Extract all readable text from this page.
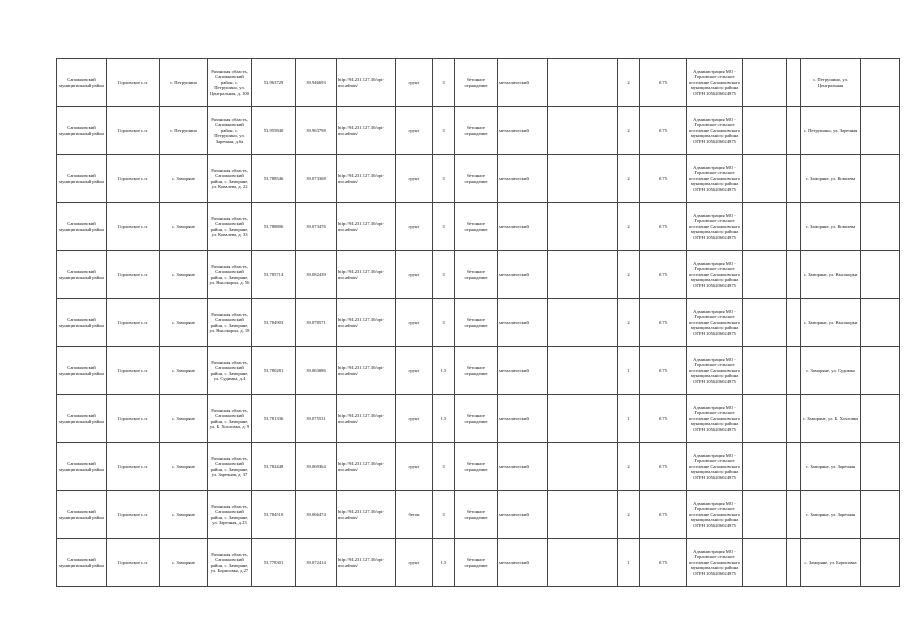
Сапожковский муниципальный район	Горловское с.п.	с. Петрушино	Рязанская область, Сапожковский район, с. Петрушино, ул. Центральная, д. 100	53.963729	39.946693	http://94.231.127.30/opt-mo.admin/	грунт	3	бетонное ограждение	металлический		2	0.75	Администрация МО - Горловское сельское поселение Сапожковского муниципального района ОГРН 1056206024875			с. Петрушино, ул. Центральная	
Сапожковский муниципальный район	Горловское с.п.	с. Петрушино	Рязанская область, Сапожковский район, с. Петрушино, ул. Заречная, д.6а	53.955840	39.963798	http://94.231.127.30/opt-mo.admin/	грунт	3	бетонное ограждение	металлический		2	0.75	Администрация МО - Горловское сельское поселение Сапожковского муниципального района ОГРН 1056206024875			с. Петрушино, ул. Заречная	
Сапожковский муниципальный район	Горловское с.п.	с. Заморяне	Рязанская область, Сапожковский район, с. Заморяне, ул. Ковалева, д. 22	53.788546	39.073368	http://94.231.127.30/opt-mo.admin/	грунт	3	бетонное ограждение	металлический		2	0.75	Администрация МО - Горловское сельское поселение Сапожковского муниципального района ОГРН 1056206024875			с. Заморяне, ул. Ковалева	
Сапожковский муниципальный район	Горловское с.п.	с. Заморяне	Рязанская область, Сапожковский район, с. Заморяне, ул. Ковалева, д. 33	53.788806	39.073476	http://94.231.127.30/opt-mo.admin/	грунт	3	бетонное ограждение	металлический		2	0.75	Администрация МО - Горловское сельское поселение Сапожковского муниципального района ОГРН 1056206024875			с. Заморяне, ул. Ковалева	
Сапожковский муниципальный район	Горловское с.п.	с. Заморяне	Рязанская область, Сапожковский район, с. Заморяне, ул. Высокорьи, д. 56	53.785714	39.082439	http://94.231.127.30/opt-mo.admin/	грунт	3	бетонное ограждение	металлический		2	0.75	Администрация МО - Горловское сельское поселение Сапожковского муниципального района ОГРН 1056206024875			с. Заморяне, ул. Высокорьи	
Сапожковский муниципальный район	Горловское с.п.	с. Заморяне	Рязанская область, Сапожковский район, с. Заморяне, ул. Высокорьи, д. 18	53.784903	39.078571	http://94.231.127.30/opt-mo.admin/	грунт	3	бетонное ограждение	металлический		2	0.75	Администрация МО - Горловское сельское поселение Сапожковского муниципального района ОГРН 1056206024875			с. Заморяне, ул. Высокорьи	
Сапожковский муниципальный район	Горловское с.п.	с. Заморяне	Рязанская область, Сапожковский район, с. Заморяне, ул. Судимка, д.4	53.780281	39.063086	http://94.231.127.30/opt-mo.admin/	грунт	1.5	бетонное ограждение	металлический		1	0.75	Администрация МО - Горловское сельское поселение Сапожковского муниципального района ОГРН 1056206024875			с. Заморяне, ул. Судимка	
Сапожковский муниципальный район	Горловское с.п.	с. Заморяне	Рязанская область, Сапожковский район, с. Заморяне, ул. Б. Хохловка, д. 9	53.781336	39.075531	http://94.231.127.30/opt-mo.admin/	грунт	1.5	бетонное ограждение	металлический		1	0.75	Администрация МО - Горловское сельское поселение Сапожковского муниципального района ОГРН 1056206024875			с. Заморяне, ул. Б. Хохловка	
Сапожковский муниципальный район	Горловское с.п.	с. Заморяне	Рязанская область, Сапожковский район, с. Заморяне, ул. Заречная, д. 37	53.782448	39.069364	http://94.231.127.30/opt-mo.admin/	грунт	3	бетонное ограждение	металлический		2	0.75	Администрация МО - Горловское сельское поселение Сапожковского муниципального района ОГРН 1056206024875			с. Заморяне, ул. Заречная	
Сапожковский муниципальный район	Горловское с.п.	с. Заморяне	Рязанская область, Сапожковский район, с. Заморяне, ул. Заречная, д.25	53.784510	39.066474	http://94.231.127.30/opt-mo.admin/	бетон	3	бетонное ограждение	металлический		2	0.75	Администрация МО - Горловское сельское поселение Сапожковского муниципального района ОГРН 1056206024875			с. Заморяне, ул. Заречная	
Сапожковский муниципальный район	Горловское с.п.	с. Заморяне	Рязанская область, Сапожковский район, с. Заморяне, ул. Борисовка, д.27	53.778301	39.072414	http://94.231.127.30/opt-mo.admin/	грунт	1.5	бетонное ограждение	металлический		1	0.75	Администрация МО - Горловское сельское поселение Сапожковского муниципального района ОГРН 1056206024875			с. Заморяне, ул. Борисовка	
